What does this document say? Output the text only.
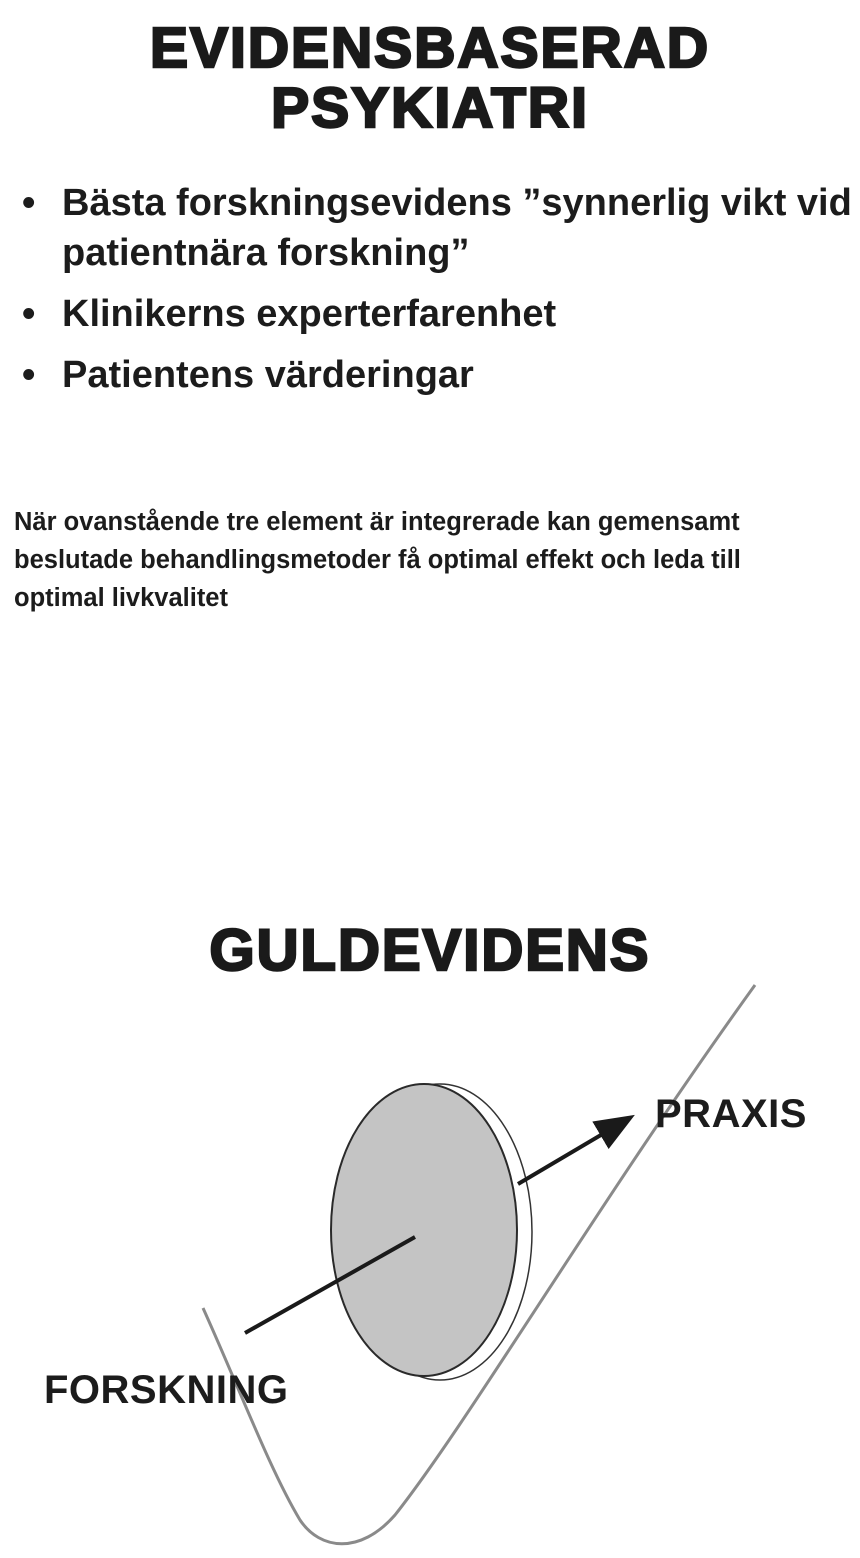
EVIDENSBASERAD
PSYKIATRI
• Bästa forskningsevidens ”synnerlig vikt vid patientnära forskning”
• Klinikerns experterfarenhet
• Patientens värderingar

När ovanstående tre element är integrerade kan gemensamt beslutade behandlingsmetoder få optimal effekt och leda till optimal livkvalitet

GULDEVIDENS
PRAXIS
FORSKNING
